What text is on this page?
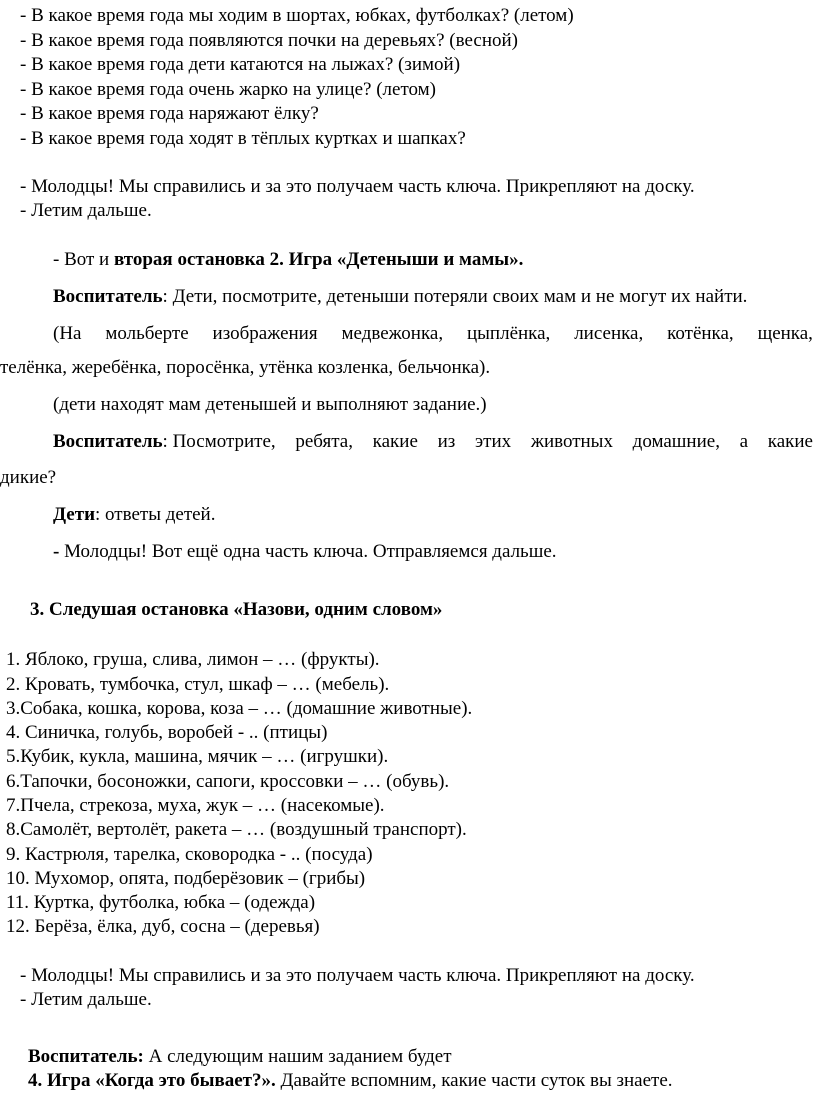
- В какое время года мы ходим в шортах, юбках, футболках? (летом)
- В какое время года появляются почки на деревьях? (весной)
- В какое время года дети катаются на лыжах? (зимой)
- В какое время года очень жарко на улице? (летом)
- В какое время года наряжают ёлку?
- В какое время года ходят в тёплых куртках и шапках?
- Молодцы! Мы справились и за это получаем часть ключа. Прикрепляют на доску.
- Летим дальше.
- Вот и вторая остановка 2. Игра «Детеныши и мамы».
Воспитатель: Дети, посмотрите, детеныши потеряли своих мам и не могут их найти.
(На мольберте изображения медвежонка, цыплёнка, лисенка, котёнка, щенка,
телёнка, жеребёнка, поросёнка, утёнка козленка, бельчонка).
(дети находят мам детенышей и выполняют задание.)
Воспитатель: Посмотрите, ребята, какие из этих животных домашние, а какие
дикие?
Дети: ответы детей.
- Молодцы! Вот ещё одна часть ключа. Отправляемся дальше.
3. Следушая остановка «Назови, одним словом»
1. Яблоко, груша, слива, лимон – … (фрукты).
2. Кровать, тумбочка, стул, шкаф – … (мебель).
3.Собака, кошка, корова, коза – … (домашние животные).
4. Синичка, голубь, воробей - .. (птицы)
5.Кубик, кукла, машина, мячик – … (игрушки).
6.Тапочки, босоножки, сапоги, кроссовки – … (обувь).
7.Пчела, стрекоза, муха, жук – … (насекомые).
8.Самолёт, вертолёт, ракета – … (воздушный транспорт).
9. Кастрюля, тарелка, сковородка - .. (посуда)
10. Мухомор, опята, подберёзовик – (грибы)
11. Куртка, футболка, юбка – (одежда)
12. Берёза, ёлка, дуб, сосна – (деревья)
- Молодцы! Мы справились и за это получаем часть ключа. Прикрепляют на доску.
- Летим дальше.
Воспитатель: А следующим нашим заданием будет
4. Игра «Когда это бывает?». Давайте вспомним, какие части суток вы знаете.
